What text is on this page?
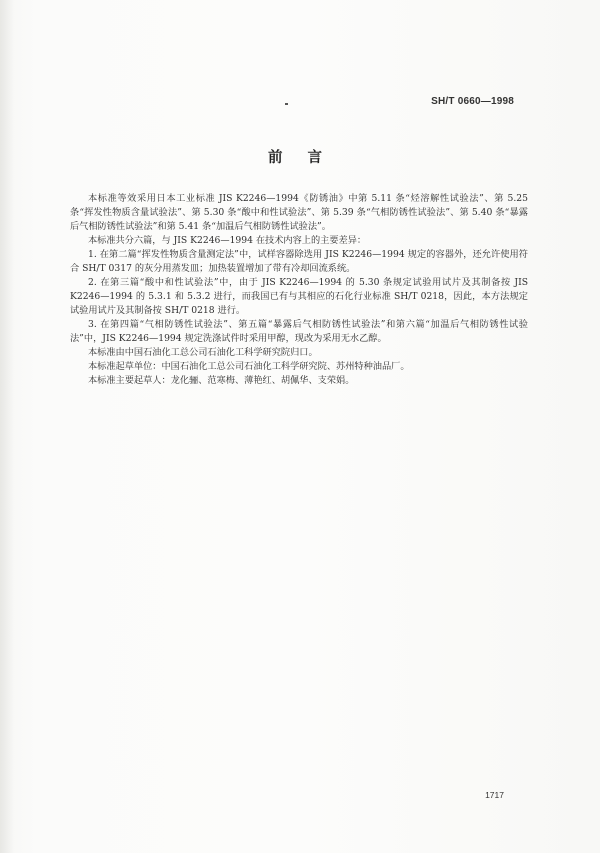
SH/T 0660—1998
前 言

本标准等效采用日本工业标准 JIS K2246—1994《防锈油》中第 5.11 条“烃溶解性试验法”、第 5.25 条“挥发性物质含量试验法”、第 5.30 条“酸中和性试验法”、第 5.39 条“气相防锈性试验法”、第 5.40 条“暴露后气相防锈性试验法”和第 5.41 条“加温后气相防锈性试验法”。

本标准共分六篇，与 JIS K2246—1994 在技术内容上的主要差异：

1. 在第二篇“挥发性物质含量测定法”中，试样容器除选用 JIS K2246—1994 规定的容器外，还允许使用符合 SH/T 0317 的灰分用蒸发皿；加热装置增加了带有冷却回流系统。

2. 在第三篇“酸中和性试验法”中，由于 JIS K2246—1994 的 5.30 条规定试验用试片及其制备按 JIS K2246—1994 的 5.3.1 和 5.3.2 进行，而我国已有与其相应的石化行业标准 SH/T 0218，因此，本方法规定试验用试片及其制备按 SH/T 0218 进行。

3. 在第四篇“气相防锈性试验法”、第五篇“暴露后气相防锈性试验法”和第六篇“加温后气相防锈性试验法”中，JIS K2246—1994 规定洗涤试件时采用甲醇，现改为采用无水乙醇。

本标准由中国石油化工总公司石油化工科学研究院归口。

本标准起草单位：中国石油化工总公司石油化工科学研究院、苏州特种油品厂。

本标准主要起草人：龙化骊、范寒梅、薄艳红、胡佩华、支荣娟。

1717
